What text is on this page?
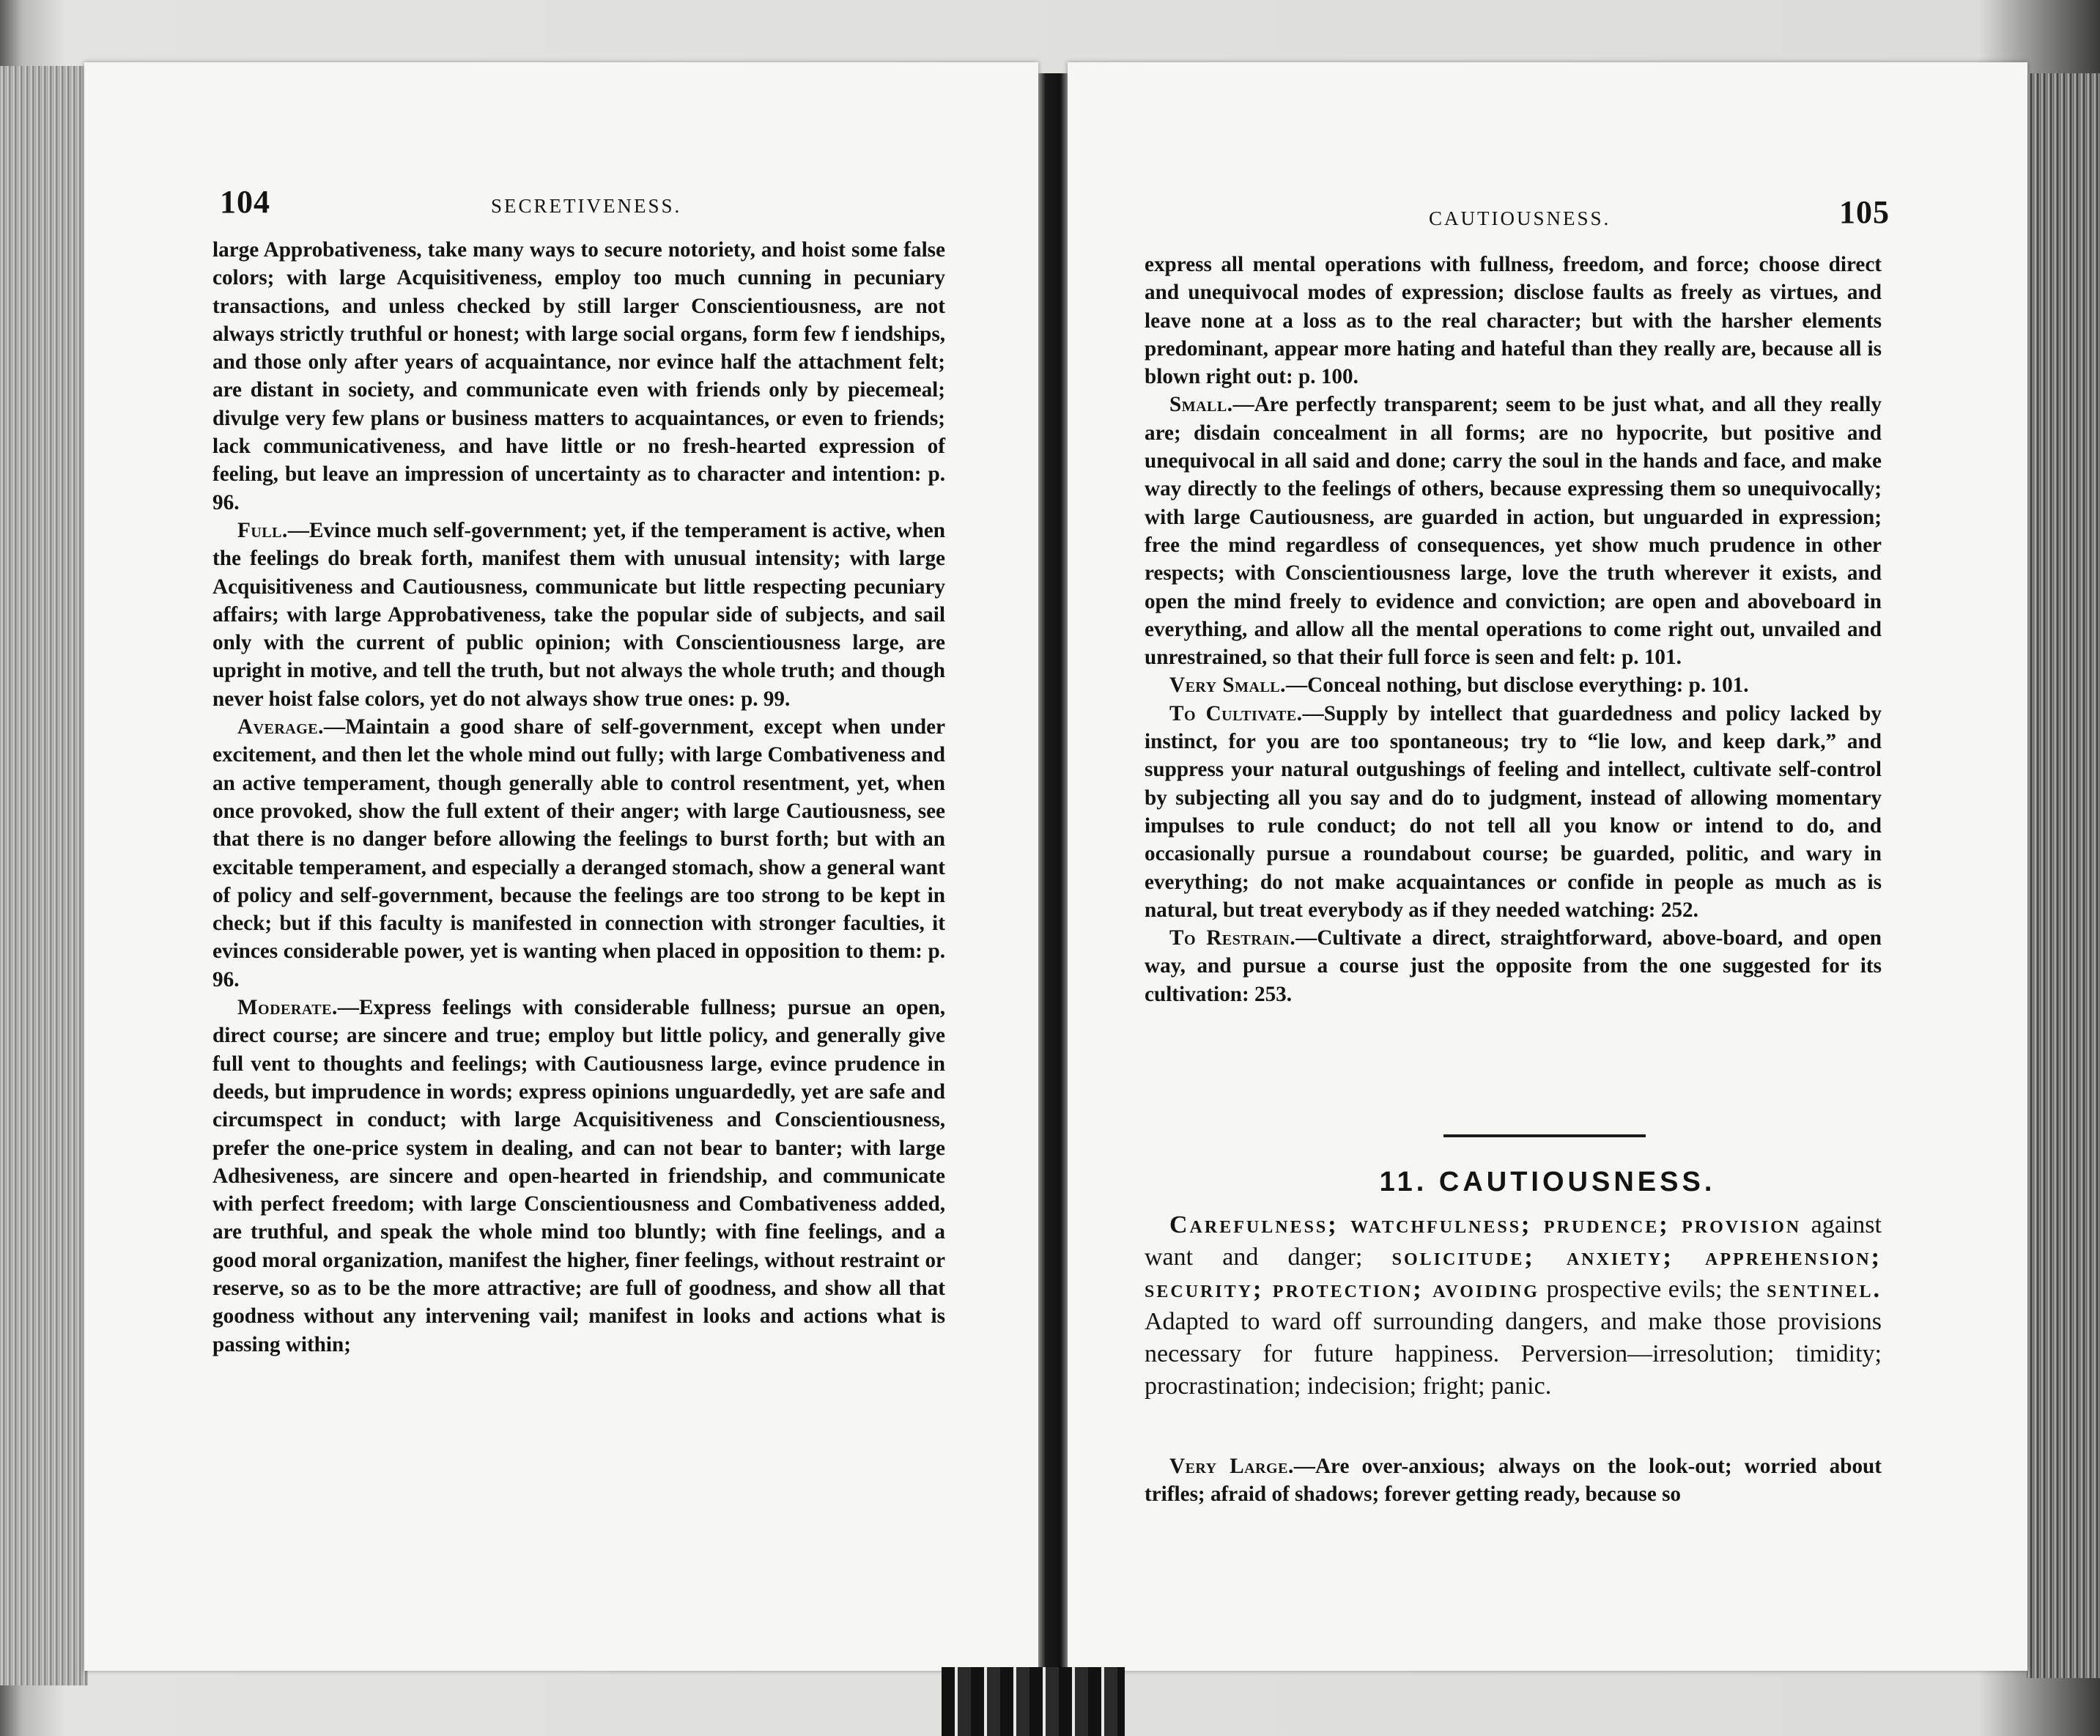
104	SECRETIVENESS.

large Approbativeness, take many ways to secure notoriety, and hoist some false colors; with large Acquisitiveness, employ too much cunning in pecuniary transactions, and unless checked by still larger Conscientiousness, are not always strictly truthful or honest; with large social organs, form few f iendships, and those only after years of acquaintance, nor evince half the attachment felt; are distant in society, and communicate even with friends only by piecemeal; divulge very few plans or business matters to acquaintances, or even to friends; lack communicativeness, and have little or no fresh-hearted expression of feeling, but leave an impression of uncertainty as to character and intention: p. 96.

Full.—Evince much self-government; yet, if the temperament is active, when the feelings do break forth, manifest them with unusual intensity; with large Acquisitiveness and Cautiousness, communicate but little respecting pecuniary affairs; with large Approbativeness, take the popular side of subjects, and sail only with the current of public opinion; with Conscientiousness large, are upright in motive, and tell the truth, but not always the whole truth; and though never hoist false colors, yet do not always show true ones: p. 99.

Average.—Maintain a good share of self-government, except when under excitement, and then let the whole mind out fully; with large Combativeness and an active temperament, though generally able to control resentment, yet, when once provoked, show the full extent of their anger; with large Cautiousness, see that there is no danger before allowing the feelings to burst forth; but with an excitable temperament, and especially a deranged stomach, show a general want of policy and self-government, because the feelings are too strong to be kept in check; but if this faculty is manifested in connection with stronger faculties, it evinces considerable power, yet is wanting when placed in opposition to them: p. 96.

Moderate.—Express feelings with considerable fullness; pursue an open, direct course; are sincere and true; employ but little policy, and generally give full vent to thoughts and feelings; with Cautiousness large, evince prudence in deeds, but imprudence in words; express opinions unguardedly, yet are safe and circumspect in conduct; with large Acquisitiveness and Conscientiousness, prefer the one-price system in dealing, and can not bear to banter; with large Adhesiveness, are sincere and open-hearted in friendship, and communicate with perfect freedom; with large Conscientiousness and Combativeness added, are truthful, and speak the whole mind too bluntly; with fine feelings, and a good moral organization, manifest the higher, finer feelings, without restraint or reserve, so as to be the more attractive; are full of goodness, and show all that goodness without any intervening vail; manifest in looks and actions what is passing within;

CAUTIOUSNESS.	105

express all mental operations with fullness, freedom, and force; choose direct and unequivocal modes of expression; disclose faults as freely as virtues, and leave none at a loss as to the real character; but with the harsher elements predominant, appear more hating and hateful than they really are, because all is blown right out: p. 100.

Small.—Are perfectly transparent; seem to be just what, and all they really are; disdain concealment in all forms; are no hypocrite, but positive and unequivocal in all said and done; carry the soul in the hands and face, and make way directly to the feelings of others, because expressing them so unequivocally; with large Cautiousness, are guarded in action, but unguarded in expression; free the mind regardless of consequences, yet show much prudence in other respects; with Conscientiousness large, love the truth wherever it exists, and open the mind freely to evidence and conviction; are open and aboveboard in everything, and allow all the mental operations to come right out, unvailed and unrestrained, so that their full force is seen and felt: p. 101.

Very Small.—Conceal nothing, but disclose everything: p. 101.

To Cultivate.—Supply by intellect that guardedness and policy lacked by instinct, for you are too spontaneous; try to “lie low, and keep dark,” and suppress your natural outgushings of feeling and intellect, cultivate self-control by subjecting all you say and do to judgment, instead of allowing momentary impulses to rule conduct; do not tell all you know or intend to do, and occasionally pursue a roundabout course; be guarded, politic, and wary in everything; do not make acquaintances or confide in people as much as is natural, but treat everybody as if they needed watching: 252.

To Restrain.—Cultivate a direct, straightforward, above-board, and open way, and pursue a course just the opposite from the one suggested for its cultivation: 253.

11. CAUTIOUSNESS.

Carefulness; watchfulness; prudence; provision against want and danger; solicitude; anxiety; apprehension; security; protection; avoiding prospective evils; the sentinel. Adapted to ward off surrounding dangers, and make those provisions necessary for future happiness. Perversion—irresolution; timidity; procrastination; indecision; fright; panic.

Very Large.—Are over-anxious; always on the look-out; worried about trifles; afraid of shadows; forever getting ready, because so
